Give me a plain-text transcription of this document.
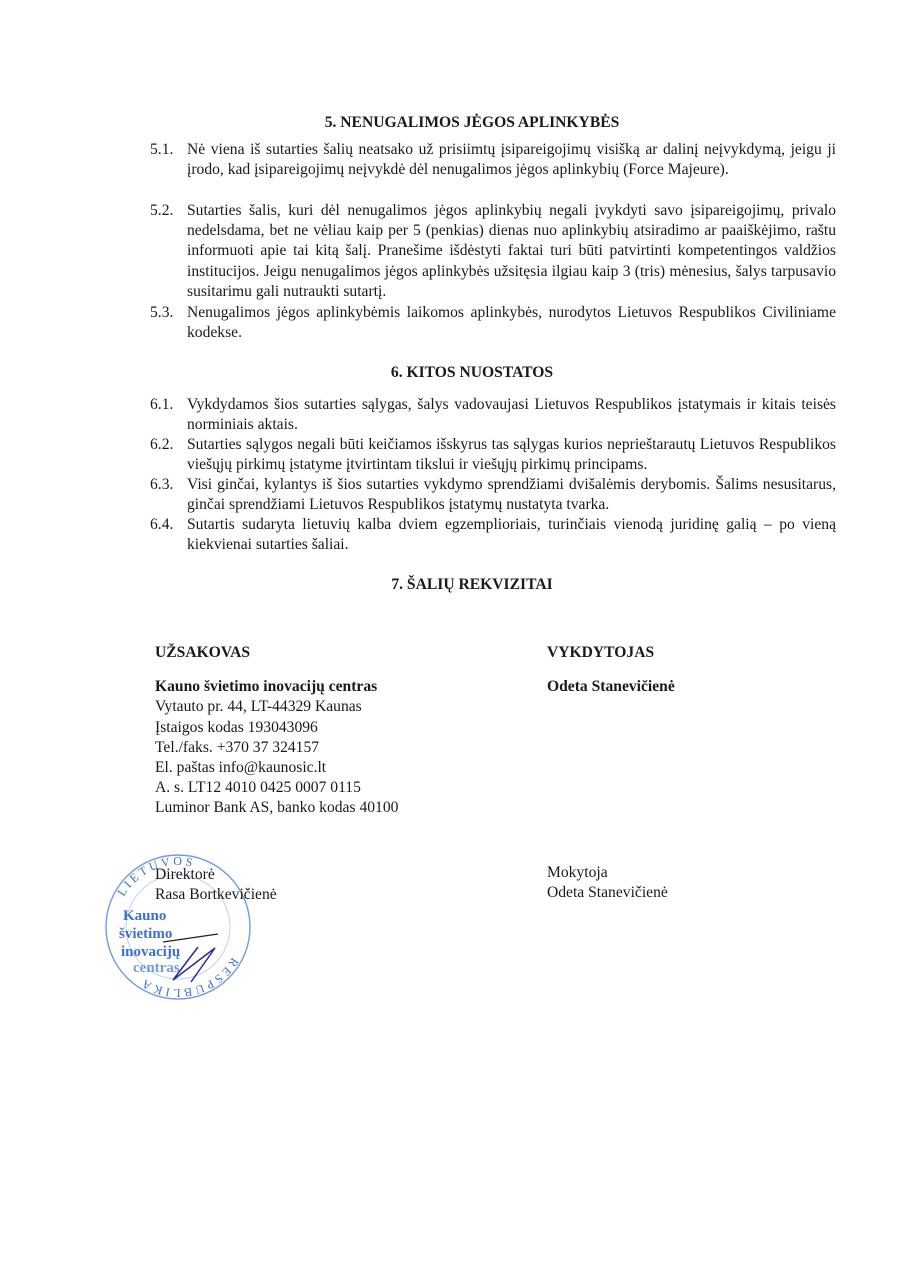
5. NENUGALIMOS JĖGOS APLINKYBĖS
5.1. Nė viena iš sutarties šalių neatsako už prisiimtų įsipareigojimų visišką ar dalinį neįvykdymą, jeigu ji įrodo, kad įsipareigojimų neįvykdė dėl nenugalimos jėgos aplinkybių (Force Majeure).
5.2. Sutarties šalis, kuri dėl nenugalimos jėgos aplinkybių negali įvykdyti savo įsipareigojimų, privalo nedelsdama, bet ne vėliau kaip per 5 (penkias) dienas nuo aplinkybių atsiradimo ar paaiškėjimo, raštu informuoti apie tai kitą šalį. Pranešime išdėstyti faktai turi būti patvirtinti kompetentingos valdžios institucijos. Jeigu nenugalimos jėgos aplinkybės užsitęsia ilgiau kaip 3 (tris) mėnesius, šalys tarpusavio susitarimu gali nutraukti sutartį.
5.3. Nenugalimos jėgos aplinkybėmis laikomos aplinkybės, nurodytos Lietuvos Respublikos Civiliniame kodekse.
6. KITOS NUOSTATOS
6.1. Vykdydamos šios sutarties sąlygas, šalys vadovaujasi Lietuvos Respublikos įstatymais ir kitais teisės norminiais aktais.
6.2. Sutarties sąlygos negali būti keičiamos išskyrus tas sąlygas kurios neprieštarautų Lietuvos Respublikos viešųjų pirkimų įstatyme įtvirtintam tikslui ir viešųjų pirkimų principams.
6.3. Visi ginčai, kylantys iš šios sutarties vykdymo sprendžiami dvišalėmis derybomis. Šalims nesusitarus, ginčai sprendžiami Lietuvos Respublikos įstatymų nustatyta tvarka.
6.4. Sutartis sudaryta lietuvių kalba dviem egzemplioriais, turinčiais vienodą juridinę galią – po vieną kiekvienai sutarties šaliai.
7. ŠALIŲ REKVIZITAI
UŽSAKOVAS
Kauno švietimo inovacijų centras
Vytauto pr. 44, LT-44329 Kaunas
Įstaigos kodas 193043096
Tel./faks. +370 37 324157
El. paštas info@kaunosic.lt
A. s. LT12 4010 0425 0007 0115
Luminor Bank AS, banko kodas 40100
LIETUVOS
RESPUBLIKA
Kauno
švietimo
inovacijų
centras
Direktorė
Rasa Bortkevičienė
VYKDYTOJAS
Odeta Stanevičienė
Mokytoja
Odeta Stanevičienė
